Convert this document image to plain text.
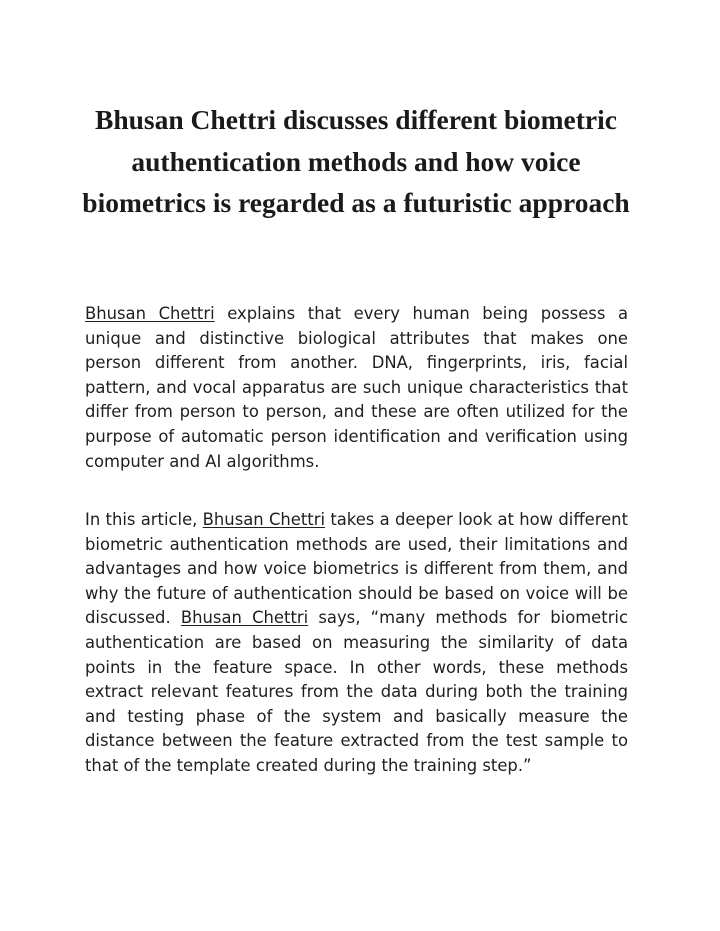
Bhusan Chettri discusses different biometric authentication methods and how voice biometrics is regarded as a futuristic approach

Bhusan Chettri explains that every human being possess a unique and distinctive biological attributes that makes one person different from another. DNA, fingerprints, iris, facial pattern, and vocal apparatus are such unique characteristics that differ from person to person, and these are often utilized for the purpose of automatic person identification and verification using computer and AI algorithms.

In this article, Bhusan Chettri takes a deeper look at how different biometric authentication methods are used, their limitations and advantages and how voice biometrics is different from them, and why the future of authentication should be based on voice will be discussed. Bhusan Chettri says, “many methods for biometric authentication are based on measuring the similarity of data points in the feature space. In other words, these methods extract relevant features from the data during both the training and testing phase of the system and basically measure the distance between the feature extracted from the test sample to that of the template created during the training step.”
